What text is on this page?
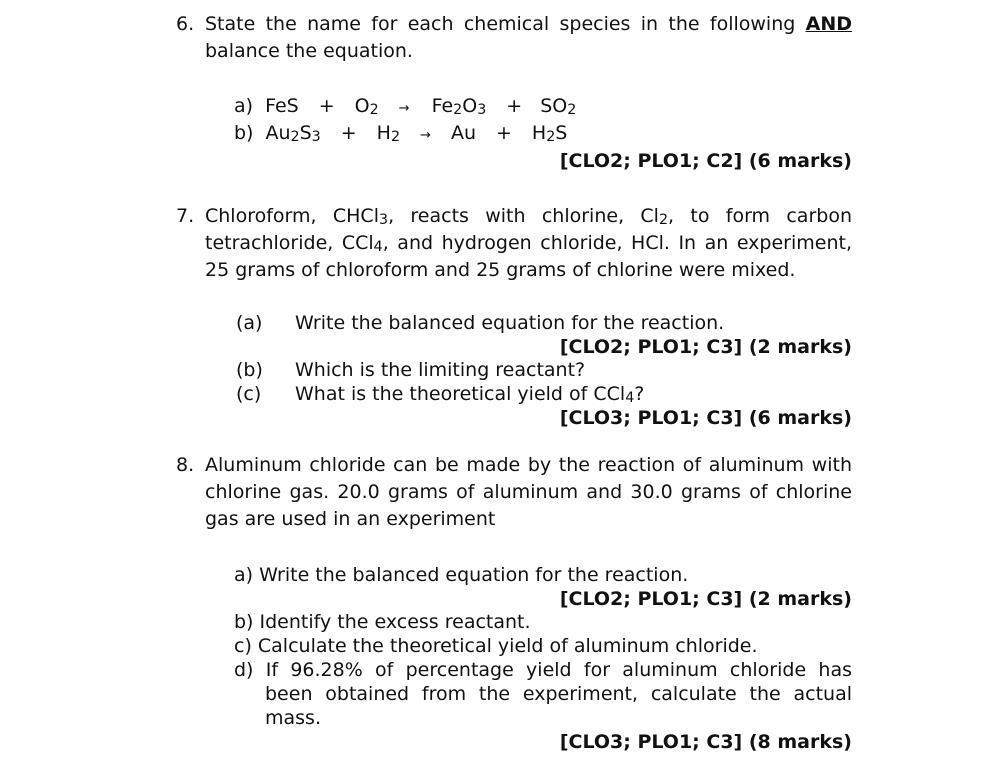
6. State the name for each chemical species in the following AND
balance the equation.
a) FeS + $O_2 \to Fe_2O_3 + SO_2$
b) $Au_2S_3 + H_2 \to Au + H_2S$
[CLO2; PLO1; C2] (6 marks)
7. Chloroform, CHCl$_3$, reacts with chlorine, $Cl_2$, to form carbon
tetrachloride, CCl$_4$, and hydrogen chloride, HCl. In an experiment,
25 grams of chloroform and 25 grams of chlorine were mixed.
(a) Write the balanced equation for the reaction.
[CLO2; PLO1; C3] (2 marks)
(b) Which is the limiting reactant?
(c) What is the theoretical yield of CCl$_4$?
[CLO3; PLO1; C3] (6 marks)
8. Aluminum chloride can be made by the reaction of aluminum with
chlorine gas. 20.0 grams of aluminum and 30.0 grams of chlorine
gas are used in an experiment
a) Write the balanced equation for the reaction.
[CLO2; PLO1; C3] (2 marks)
b) Identify the excess reactant.
c) Calculate the theoretical yield of aluminum chloride.
d) If 96.28% of percentage yield for aluminum chloride has
been obtained from the experiment, calculate the actual
mass.
[CLO3; PLO1; C3] (8 marks)
